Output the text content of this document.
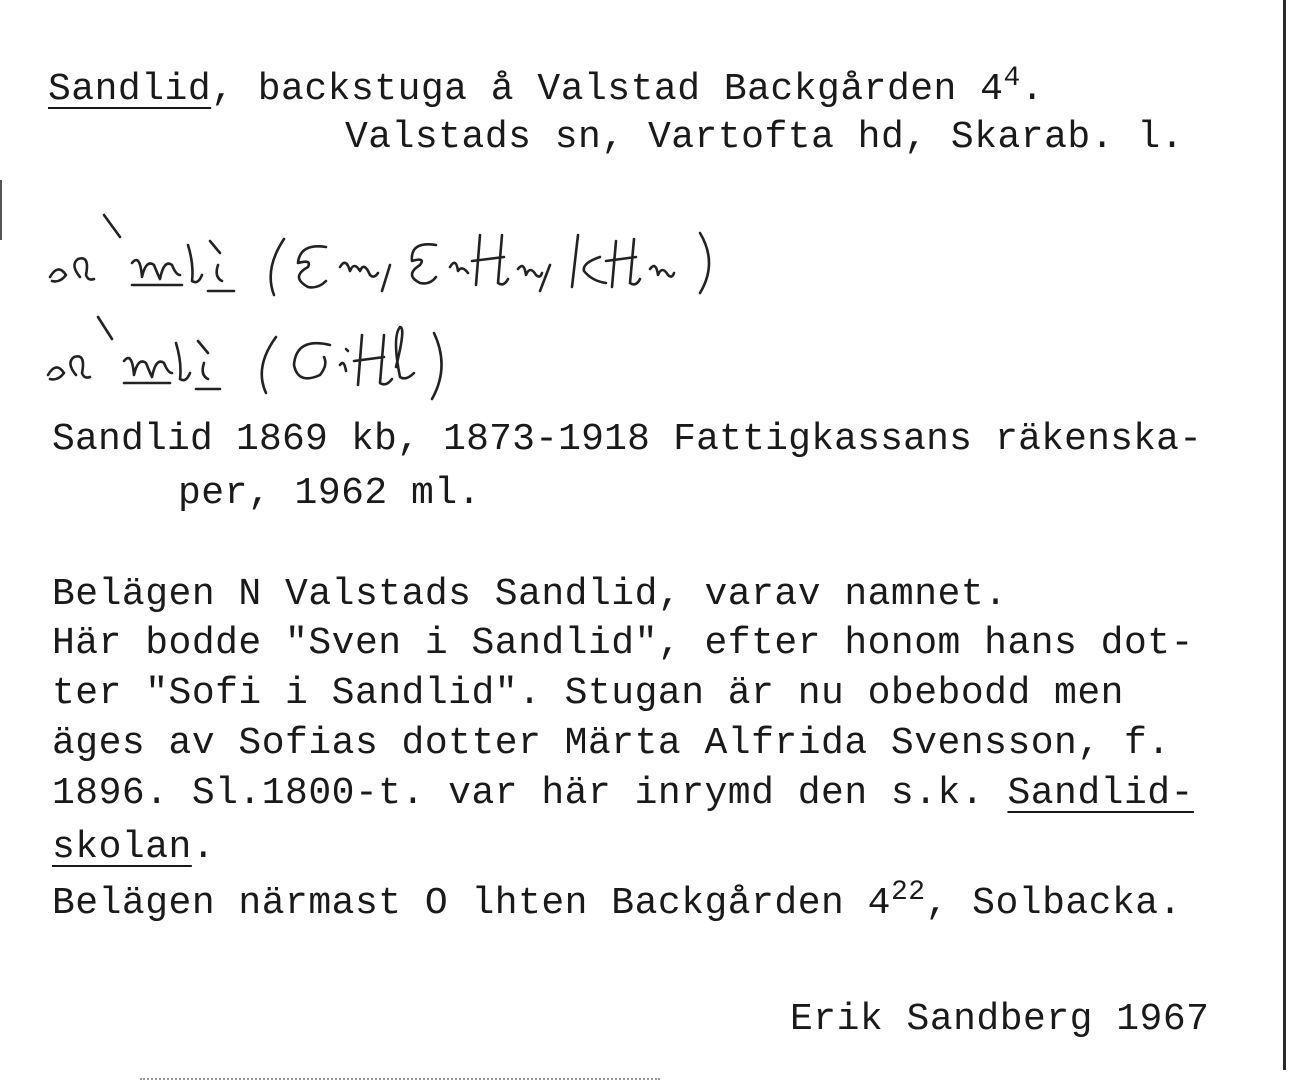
Sandlid, backstuga å Valstad Backgården $4^4$.
Valstads sn, Vartofta hd, Skarab. l.
Sandlid 1869 kb, 1873-1918 Fattigkassans räkenska-
per, 1962 ml.
Belägen N Valstads Sandlid, varav namnet.
Här bodde "Sven i Sandlid", efter honom hans dot-
ter "Sofi i Sandlid". Stugan är nu obebodd men
äges av Sofias dotter Märta Alfrida Svensson, f.
1896. Sl.1800-t. var här inrymd den s.k. Sandlid-
skolan.
Belägen närmast O lhten Backgården $4^{22}$, Solbacka.
Erik Sandberg 1967
